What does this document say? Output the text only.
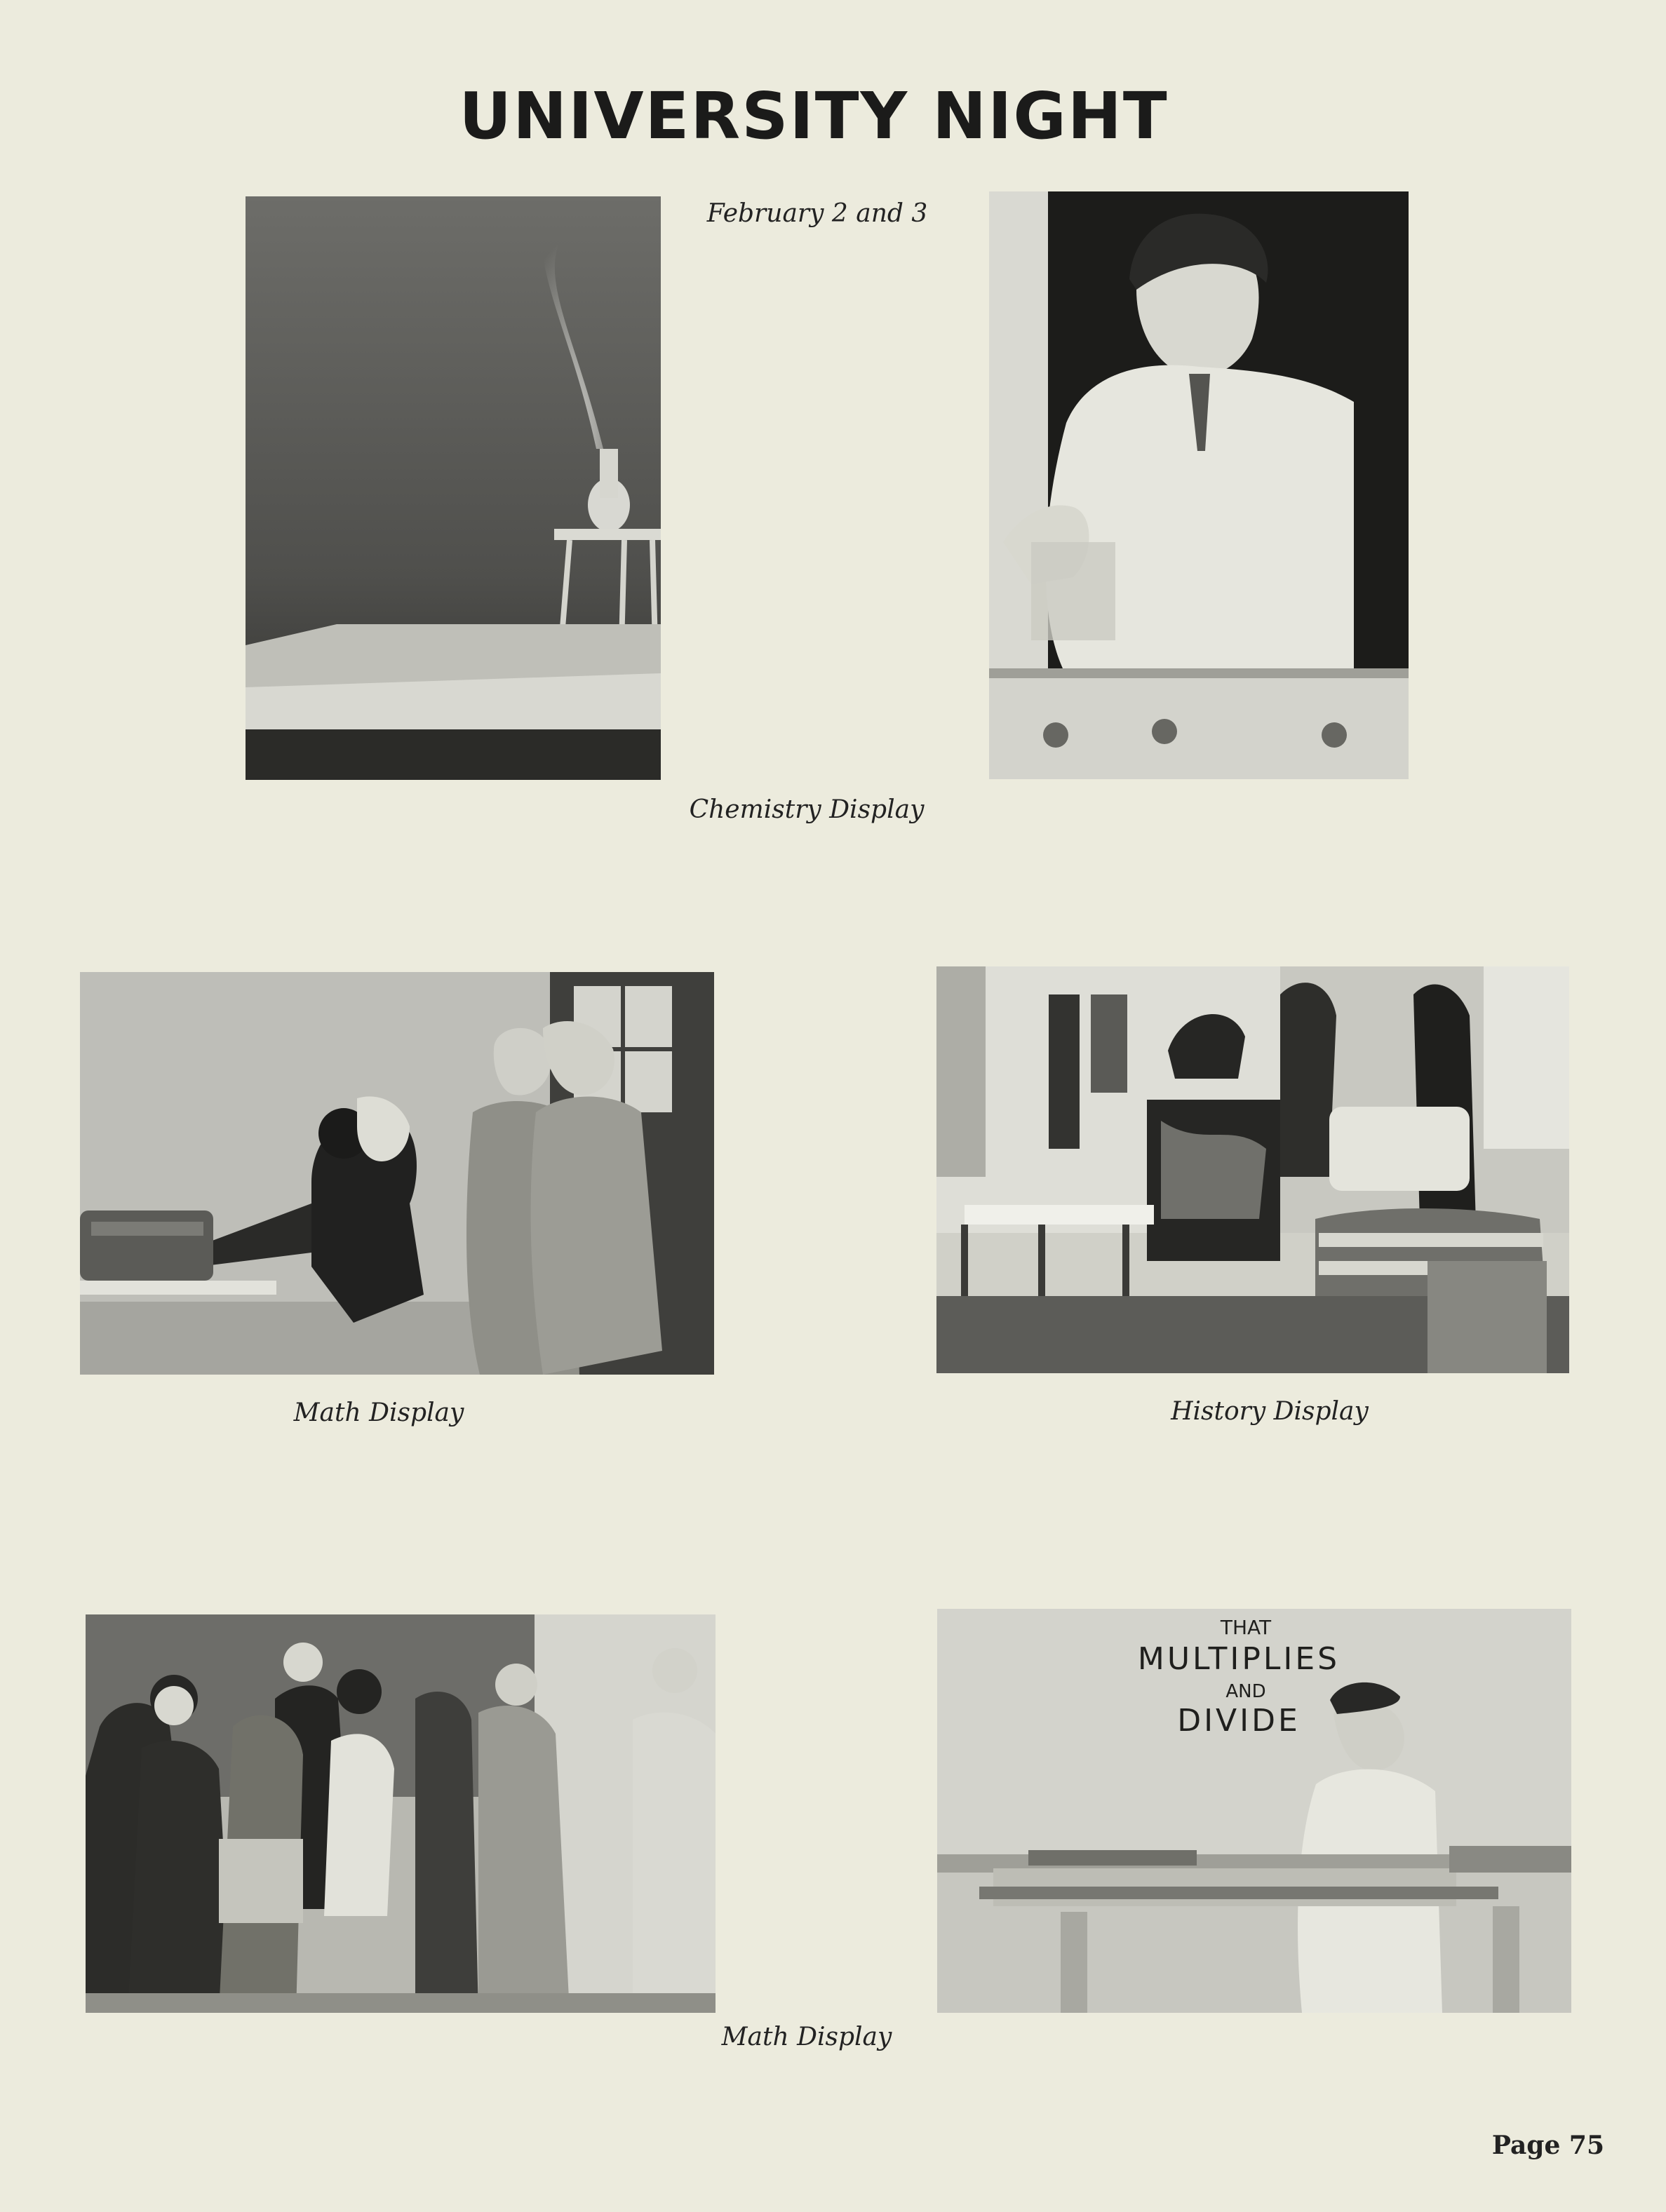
UNIVERSITY NIGHT
February 2 and 3
Chemistry Display
Math Display	History Display
Math Display
THAT
MULTIPLIES
AND
DIVIDE
Page 75
